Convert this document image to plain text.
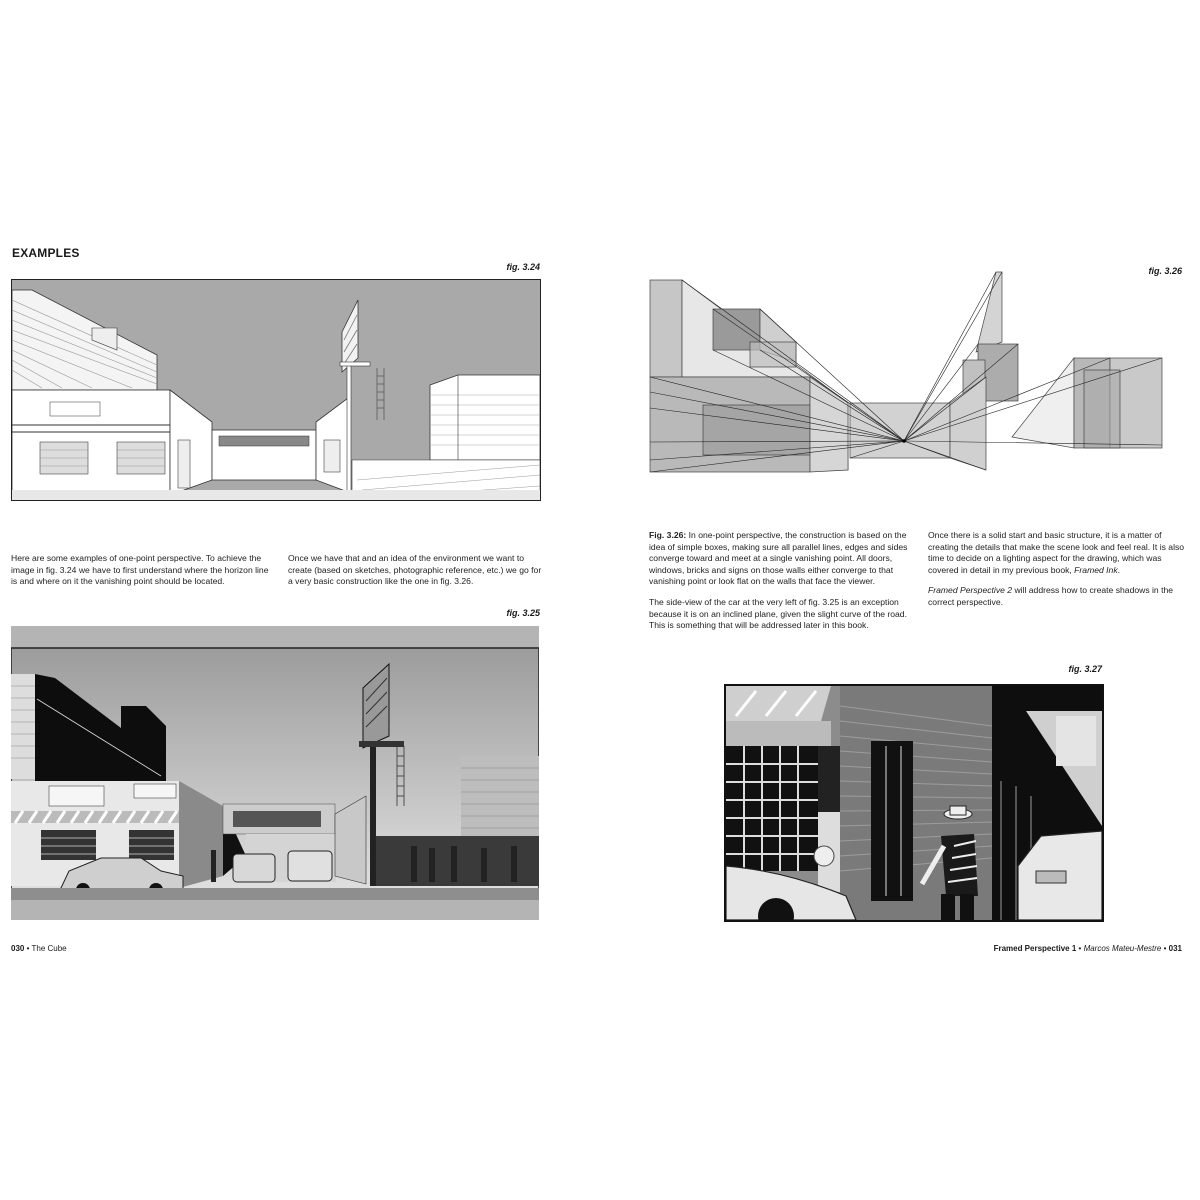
EXAMPLES
fig. 3.24
Here are some examples of one-point perspective. To achieve the image in fig. 3.24 we have to first understand where the horizon line is and where on it the vanishing point should be located.
Once we have that and an idea of the environment we want to create (based on sketches, photographic reference, etc.) we go for a very basic construction like the one in fig. 3.26.
fig. 3.25
030 • The Cube
fig. 3.26

Fig. 3.26: In one-point perspective, the construction is based on the idea of simple boxes, making sure all parallel lines, edges and sides converge toward and meet at a single vanishing point. All doors, windows, bricks and signs on those walls either converge to that vanishing point or look flat on the walls that face the viewer.

The side-view of the car at the very left of fig. 3.25 is an exception because it is on an inclined plane, given the slight curve of the road. This is something that will be addressed later in this book.

Once there is a solid start and basic structure, it is a matter of creating the details that make the scene look and feel real. It is also time to decide on a lighting aspect for the drawing, which was covered in detail in my previous book, Framed Ink.

Framed Perspective 2 will address how to create shadows in the correct perspective.

fig. 3.27
Framed Perspective 1 • Marcos Mateu-Mestre • 031
